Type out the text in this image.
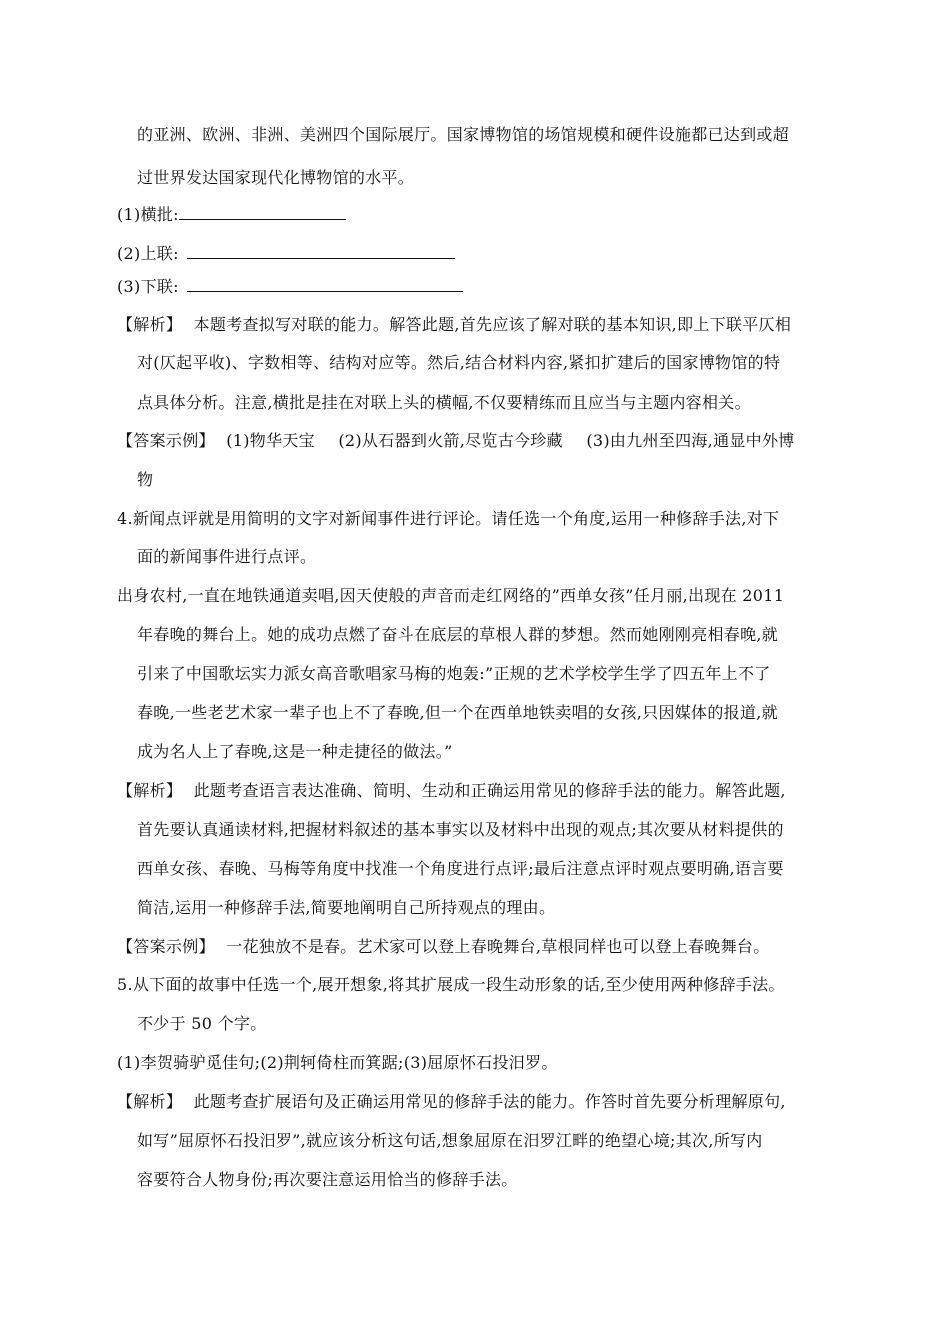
的亚洲、欧洲、非洲、美洲四个国际展厅。国家博物馆的场馆规模和硬件设施都已达到或超
过世界发达国家现代化博物馆的水平。
(1)横批:
(2)上联:
(3)下联:
【解析】 本题考查拟写对联的能力。解答此题,首先应该了解对联的基本知识,即上下联平仄相
对(仄起平收)、字数相等、结构对应等。然后,结合材料内容,紧扣扩建后的国家博物馆的特
点具体分析。注意,横批是挂在对联上头的横幅,不仅要精练而且应当与主题内容相关。
【答案示例】 (1)物华天宝 (2)从石器到火箭,尽览古今珍藏 (3)由九州至四海,通显中外博
物
4.新闻点评就是用简明的文字对新闻事件进行评论。请任选一个角度,运用一种修辞手法,对下
面的新闻事件进行点评。
出身农村,一直在地铁通道卖唱,因天使般的声音而走红网络的”西单女孩”任月丽,出现在 2011
年春晚的舞台上。她的成功点燃了奋斗在底层的草根人群的梦想。然而她刚刚亮相春晚,就
引来了中国歌坛实力派女高音歌唱家马梅的炮轰:”正规的艺术学校学生学了四五年上不了
春晚,一些老艺术家一辈子也上不了春晚,但一个在西单地铁卖唱的女孩,只因媒体的报道,就
成为名人上了春晚,这是一种走捷径的做法。”
【解析】 此题考查语言表达准确、简明、生动和正确运用常见的修辞手法的能力。解答此题,
首先要认真通读材料,把握材料叙述的基本事实以及材料中出现的观点;其次要从材料提供的
西单女孩、春晚、马梅等角度中找准一个角度进行点评;最后注意点评时观点要明确,语言要
简洁,运用一种修辞手法,简要地阐明自己所持观点的理由。
【答案示例】 一花独放不是春。艺术家可以登上春晚舞台,草根同样也可以登上春晚舞台。
5.从下面的故事中任选一个,展开想象,将其扩展成一段生动形象的话,至少使用两种修辞手法。
不少于 50 个字。
(1)李贺骑驴觅佳句;(2)荆轲倚柱而箕踞;(3)屈原怀石投汨罗。
【解析】 此题考查扩展语句及正确运用常见的修辞手法的能力。作答时首先要分析理解原句,
如写”屈原怀石投汨罗”,就应该分析这句话,想象屈原在汨罗江畔的绝望心境;其次,所写内
容要符合人物身份;再次要注意运用恰当的修辞手法。
